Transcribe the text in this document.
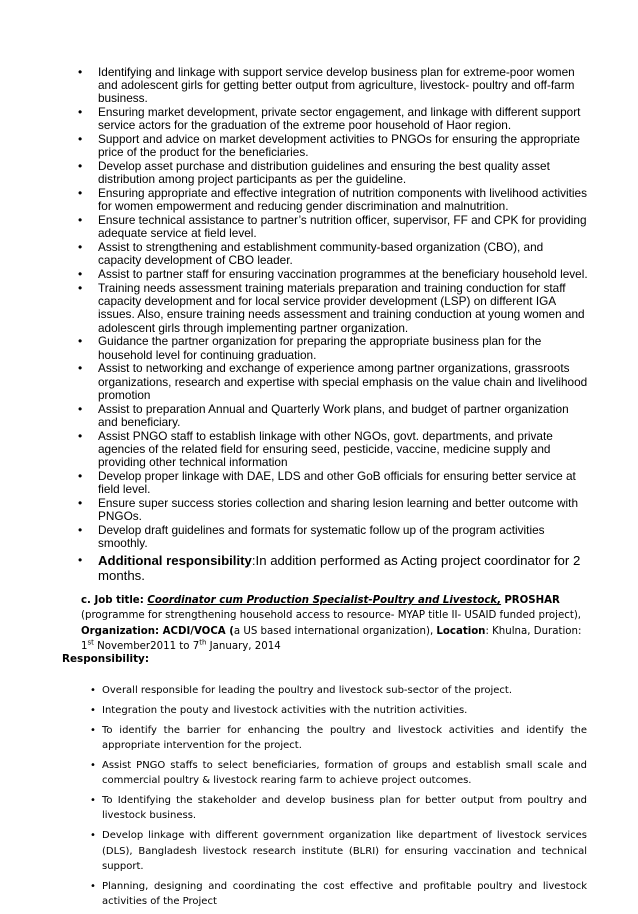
• Identifying and linkage with support service develop business plan for extreme-poor women and adolescent girls for getting better output from agriculture, livestock- poultry and off-farm business.
• Ensuring market development, private sector engagement, and linkage with different support service actors for the graduation of the extreme poor household of Haor region.
• Support and advice on market development activities to PNGOs for ensuring the appropriate price of the product for the beneficiaries.
• Develop asset purchase and distribution guidelines and ensuring the best quality asset distribution among project participants as per the guideline.
• Ensuring appropriate and effective integration of nutrition components with livelihood activities for women empowerment and reducing gender discrimination and malnutrition.
• Ensure technical assistance to partner’s nutrition officer, supervisor, FF and CPK for providing adequate service at field level.
• Assist to strengthening and establishment community-based organization (CBO), and capacity development of CBO leader.
• Assist to partner staff for ensuring vaccination programmes at the beneficiary household level.
• Training needs assessment training materials preparation and training conduction for staff capacity development and for local service provider development (LSP) on different IGA issues. Also, ensure training needs assessment and training conduction at young women and adolescent girls through implementing partner organization.
• Guidance the partner organization for preparing the appropriate business plan for the household level for continuing graduation.
• Assist to networking and exchange of experience among partner organizations, grassroots organizations, research and expertise with special emphasis on the value chain and livelihood promotion
• Assist to preparation Annual and Quarterly Work plans, and budget of partner organization and beneficiary.
• Assist PNGO staff to establish linkage with other NGOs, govt. departments, and private agencies of the related field for ensuring seed, pesticide, vaccine, medicine supply and providing other technical information
• Develop proper linkage with DAE, LDS and other GoB officials for ensuring better service at field level.
• Ensure super success stories collection and sharing lesion learning and better outcome with PNGOs.
• Develop draft guidelines and formats for systematic follow up of the program activities smoothly.
• Additional responsibility:In addition performed as Acting project coordinator for 2 months.
c. Job title: Coordinator cum Production Specialist-Poultry and Livestock, PROSHAR (programme for strengthening household access to resource- MYAP title II- USAID funded project),
Organization: ACDI/VOCA (a US based international organization), Location: Khulna, Duration: 1st November2011 to 7th January, 2014
Responsibility:
• Overall responsible for leading the poultry and livestock sub-sector of the project.
• Integration the pouty and livestock activities with the nutrition activities.
• To identify the barrier for enhancing the poultry and livestock activities and identify the appropriate intervention for the project.
• Assist PNGO staffs to select beneficiaries, formation of groups and establish small scale and commercial poultry & livestock rearing farm to achieve project outcomes.
• To Identifying the stakeholder and develop business plan for better output from poultry and livestock business.
• Develop linkage with different government organization like department of livestock services (DLS), Bangladesh livestock research institute (BLRI) for ensuring vaccination and technical support.
• Planning, designing and coordinating the cost effective and profitable poultry and livestock activities of the Project
